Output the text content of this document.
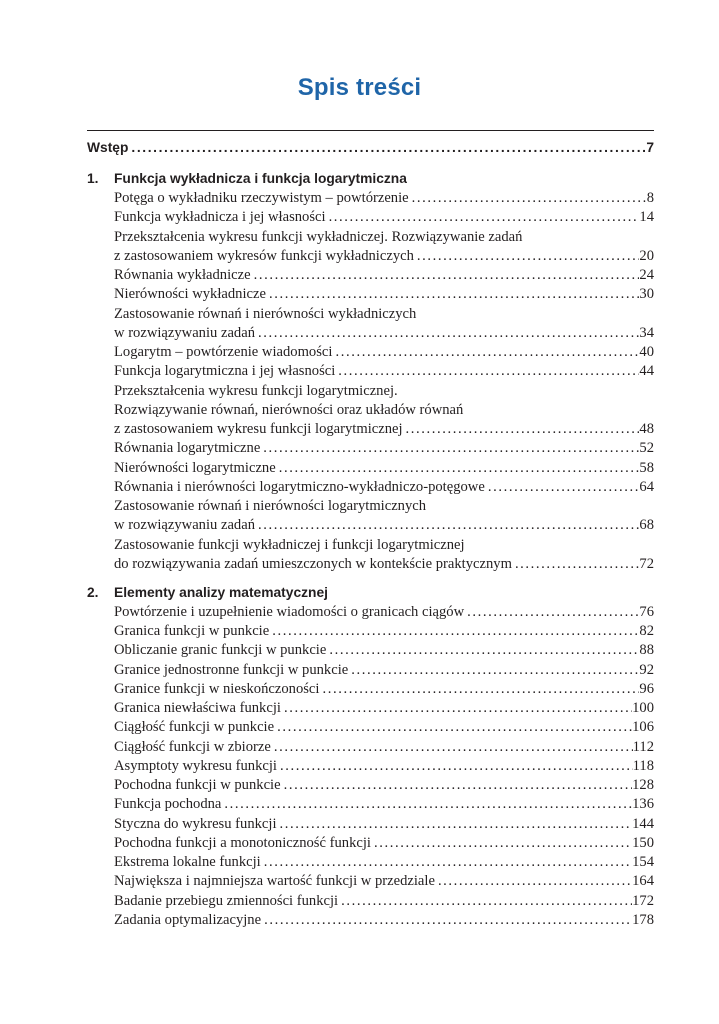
Spis treści
Wstęp .....	7
1.	Funkcja wykładnicza i funkcja logarytmiczna
Potęga o wykładniku rzeczywistym – powtórzenie .....	8
Funkcja wykładnicza i jej własności .....	14
Przekształcenia wykresu funkcji wykładniczej. Rozwiązywanie zadań
z zastosowaniem wykresów funkcji wykładniczych .....	20
Równania wykładnicze .....	24
Nierówności wykładnicze .....	30
Zastosowanie równań i nierówności wykładniczych
w rozwiązywaniu zadań .....	34
Logarytm – powtórzenie wiadomości .....	40
Funkcja logarytmiczna i jej własności .....	44
Przekształcenia wykresu funkcji logarytmicznej.
Rozwiązywanie równań, nierówności oraz układów równań
z zastosowaniem wykresu funkcji logarytmicznej .....	48
Równania logarytmiczne .....	52
Nierówności logarytmiczne .....	58
Równania i nierówności logarytmiczno-wykładniczo-potęgowe .....	64
Zastosowanie równań i nierówności logarytmicznych
w rozwiązywaniu zadań .....	68
Zastosowanie funkcji wykładniczej i funkcji logarytmicznej
do rozwiązywania zadań umieszczonych w kontekście praktycznym .....	72
2.	Elementy analizy matematycznej
Powtórzenie i uzupełnienie wiadomości o granicach ciągów .....	76
Granica funkcji w punkcie .....	82
Obliczanie granic funkcji w punkcie .....	88
Granice jednostronne funkcji w punkcie .....	92
Granice funkcji w nieskończoności .....	96
Granica niewłaściwa funkcji .....	100
Ciągłość funkcji w punkcie .....	106
Ciągłość funkcji w zbiorze .....	112
Asymptoty wykresu funkcji .....	118
Pochodna funkcji w punkcie .....	128
Funkcja pochodna .....	136
Styczna do wykresu funkcji .....	144
Pochodna funkcji a monotoniczność funkcji .....	150
Ekstrema lokalne funkcji .....	154
Największa i najmniejsza wartość funkcji w przedziale .....	164
Badanie przebiegu zmienności funkcji .....	172
Zadania optymalizacyjne .....	178
